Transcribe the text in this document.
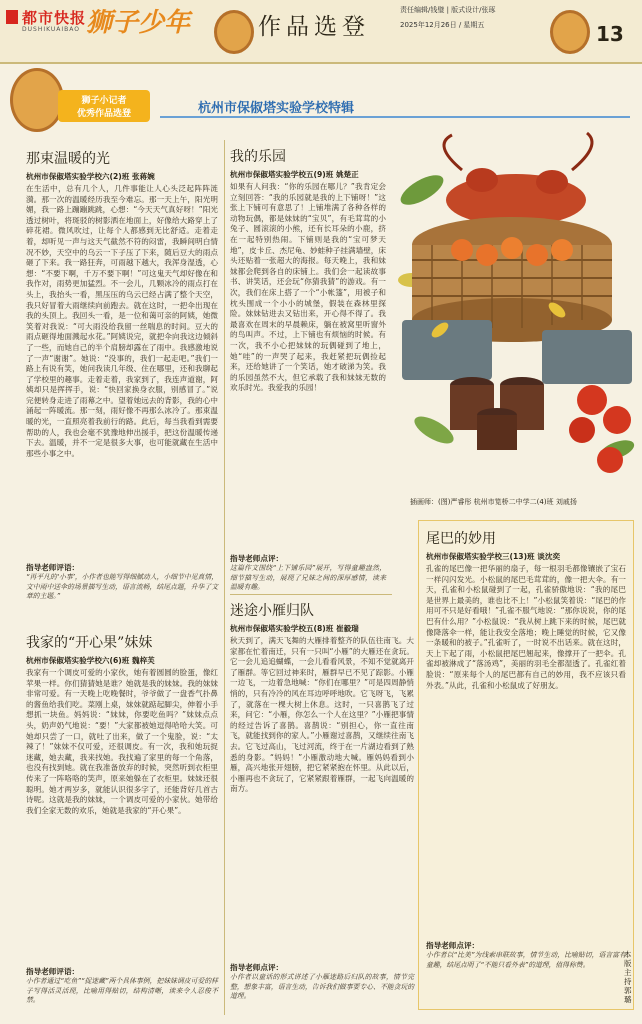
都市快报
DUSHIKUAIBAO 狮子少年	作品选登
责任编辑/钱璧 | 版式设计/张琢
2025年12月26日 / 星期五	13
狮子小记者
优秀作品选登	杭州市保俶塔实验学校特辑
那束温暖的光
杭州市保俶塔实验学校六(2)班 张蒋婉
在生活中，总有几个人，几件事能让人心头泛起阵阵涟漪。那一次的温暖经历我至今难忘。那一天上午，阳光明媚，我一路上蹦蹦跳跳，心想：“今天天气真好呀！”阳光透过树叶，将斑驳的树影洒在地面上，好像给大路穿上了碎花裙。微风吹过，让每个人都感到无比舒适。走着走着，却听见一声与这天气截然不符的闷雷，我瞬间明白情况不妙，天空中的乌云一下子压了下来，随后豆大的雨点砸了下来。我一路狂奔，可雨越下越大，我浑身湿透，心想：“不要下啊，千万不要下啊！”可这鬼天气却好像在和我作对，雨势更加猛烈。不一会儿，几颗冰冷的雨点打在头上，我抬头一看，黑压压的乌云已经占满了整个天空，我只好冒着大雨继续向前跑去。就在这时，一把伞出现在我的头顶上。我回头一看，是一位和蔼可亲的阿姨，她微笑着对我说：“可大雨没给我留一丝喘息的时间。豆大的雨点砸得地面溅起水花。”阿姨说完，就把伞向我这边倾斜了一些，而她自己的半个肩膀却露在了雨中。我感激地说了一声“谢谢”。她说：“没事的，我们一起走吧。”我们一路上有说有笑，她问我读几年级、住在哪里，还和我聊起了学校里的趣事。走着走着，我家到了，我连声道谢，阿姨却只是挥挥手，说：“快回家换身衣服，别感冒了。”说完便转身走进了雨幕之中。望着她远去的背影，我的心中涌起一阵暖流。那一刻，雨好像不再那么冰冷了。那束温暖的光，一直照亮着我前行的路。此后，每当我看到需要帮助的人，我也会毫不犹豫地伸出援手，把这份温暖传递下去。温暖，并不一定是很多大事，也可能就藏在生活中那些小事之中。
指导老师评语：
“再平凡的‘小事’，小作者也能写得细腻动人，小细节中见真情，文中雨中送伞的场景描写生动，语言流畅，结尾点题，升华了文章的主题。”
我家的“开心果”妹妹
杭州市保俶塔实验学校六(6)班 魏梓芙
我家有一个调皮可爱的小家伙，她有着圆圆的脸蛋，像红苹果一样。你们猜猜她是谁？她就是我的妹妹。我的妹妹非常可爱。有一天晚上吃晚餐时，爷爷做了一盘香气扑鼻的酱鱼给我们吃。菜刚上桌，妹妹就踮起脚尖，伸着小手想抓一块鱼。妈妈说：“妹妹，你要吃鱼吗？”妹妹点点头，奶声奶气地说：“要！”大家都被她逗得哈哈大笑。可她却只尝了一口，就吐了出来，做了一个鬼脸，说：“太辣了！”妹妹不仅可爱，还很调皮。有一次，我和她玩捉迷藏，她去藏，我来找她。我找遍了家里的每一个角落，也没有找到她。就在我准备放弃的时候，突然听到衣柜里传来了一阵咯咯的笑声，原来她躲在了衣柜里。妹妹还很聪明。她才两岁多，就能认识很多字了，还能背好几首古诗呢。这就是我的妹妹，一个调皮可爱的小家伙。她带给我们全家无数的欢乐，她就是我家的“开心果”。
指导老师评语：
小作者通过“吃鱼”“捉迷藏”两个具体事例，把妹妹调皮可爱的样子写得活灵活现，比喻用得贴切，结构清晰，读来令人忍俊不禁。
我的乐园
杭州市保俶塔实验学校五(9)班 姚楚正
如果有人问我：“你的乐园在哪儿？”我肯定会立刻回答：“我的乐园就是我的上下铺呀！”这张上下铺可有意思了！上铺堆满了各种各样的动物玩偶，都是妹妹的“宝贝”，有毛茸茸的小兔子、圆滚滚的小熊，还有长耳朵的小鹿，挤在一起特别热闹。下铺则是我的“宝可梦天地”，皮卡丘、杰尼龟、妙蛙种子挂满墙壁，床头还贴着一张超大的海报。每天晚上，我和妹妹都会爬到各自的床铺上。我们会一起读故事书、讲笑话，还会玩“你猜我猜”的游戏。有一次，我们在床上搭了一个“小帐篷”，用被子和枕头围成一个小小的城堡，假装在森林里探险。妹妹钻进去又钻出来，开心得不得了。我最喜欢在周末的早晨赖床，躺在被窝里听窗外的鸟叫声。不过，上下铺也有烦恼的时候。有一次，我不小心把妹妹的玩偶碰到了地上，她“哇”的一声哭了起来，我赶紧把玩偶捡起来，还给她讲了一个笑话，她才破涕为笑。我的乐园虽然不大，但它承载了我和妹妹无数的欢乐时光。我爱我的乐园！
指导老师点评：
这篇作文围绕“上下铺乐园”展开，写得童趣盎然，细节描写生动，展现了兄妹之间的深厚感情，读来温暖有趣。
迷途小雁归队
杭州市保俶塔实验学校五(8)班 崔毅瑞
秋天到了，满天飞舞的大雁排着整齐的队伍往南飞。大家都在忙着南迁，只有一只叫“小雁”的大雁还在贪玩。它一会儿追追蝴蝶，一会儿看看风景，不知不觉就离开了雁群。等它回过神来时，雁群早已不见了踪影。小雁一边飞，一边着急地喊：“你们在哪里？”可是四周静悄悄的，只有冷冷的风在耳边呼呼地吹。它飞呀飞，飞累了，就落在一棵大树上休息。这时，一只喜鹊飞了过来，问它：“小雁，你怎么一个人在这里？”小雁把事情的经过告诉了喜鹊。喜鹊说：“别担心，你一直往南飞，就能找到你的家人。”小雁谢过喜鹊，又继续往南飞去。它飞过高山，飞过河流，终于在一片湖边看到了熟悉的身影。“妈妈！”小雁激动地大喊。雁妈妈看到小雁，高兴地张开翅膀，把它紧紧抱在怀里。从此以后，小雁再也不贪玩了，它紧紧跟着雁群，一起飞向温暖的南方。
指导老师点评：
小作者以童话的形式讲述了小雁迷路后归队的故事，情节完整，想象丰富，语言生动，告诉我们做事要专心、不能贪玩的道理。
插画师：(图)严睿彤 杭州市笕桥二中学二(4)班 刘戚扬
尾巴的妙用
杭州市保俶塔实验学校三(13)班 谈沈奕
孔雀的尾巴像一把华丽的扇子，每一根羽毛都像镶嵌了宝石一样闪闪发光。小松鼠的尾巴毛茸茸的，像一把大伞。有一天，孔雀和小松鼠碰到了一起，孔雀骄傲地说：“我的尾巴是世界上最美的，谁也比不上！”小松鼠笑着说：“尾巴的作用可不只是好看哦！”孔雀不服气地说：“那你说说，你的尾巴有什么用？”小松鼠说：“我从树上跳下来的时候，尾巴就像降落伞一样，能让我安全落地；晚上睡觉的时候，它又像一条暖和的被子。”孔雀听了，一时说不出话来。就在这时，天上下起了雨，小松鼠把尾巴翘起来，像撑开了一把伞。孔雀却被淋成了“落汤鸡”，美丽的羽毛全都湿透了。孔雀红着脸说：“原来每个人的尾巴都有自己的妙用，我不应该只看外表。”从此，孔雀和小松鼠成了好朋友。
指导老师点评：
小作者以“比美”为线索串联故事，情节生动，比喻贴切，语言富有童趣，结尾点明了“不能只看外表”的道理，值得称赞。
本版主持 郭璐
